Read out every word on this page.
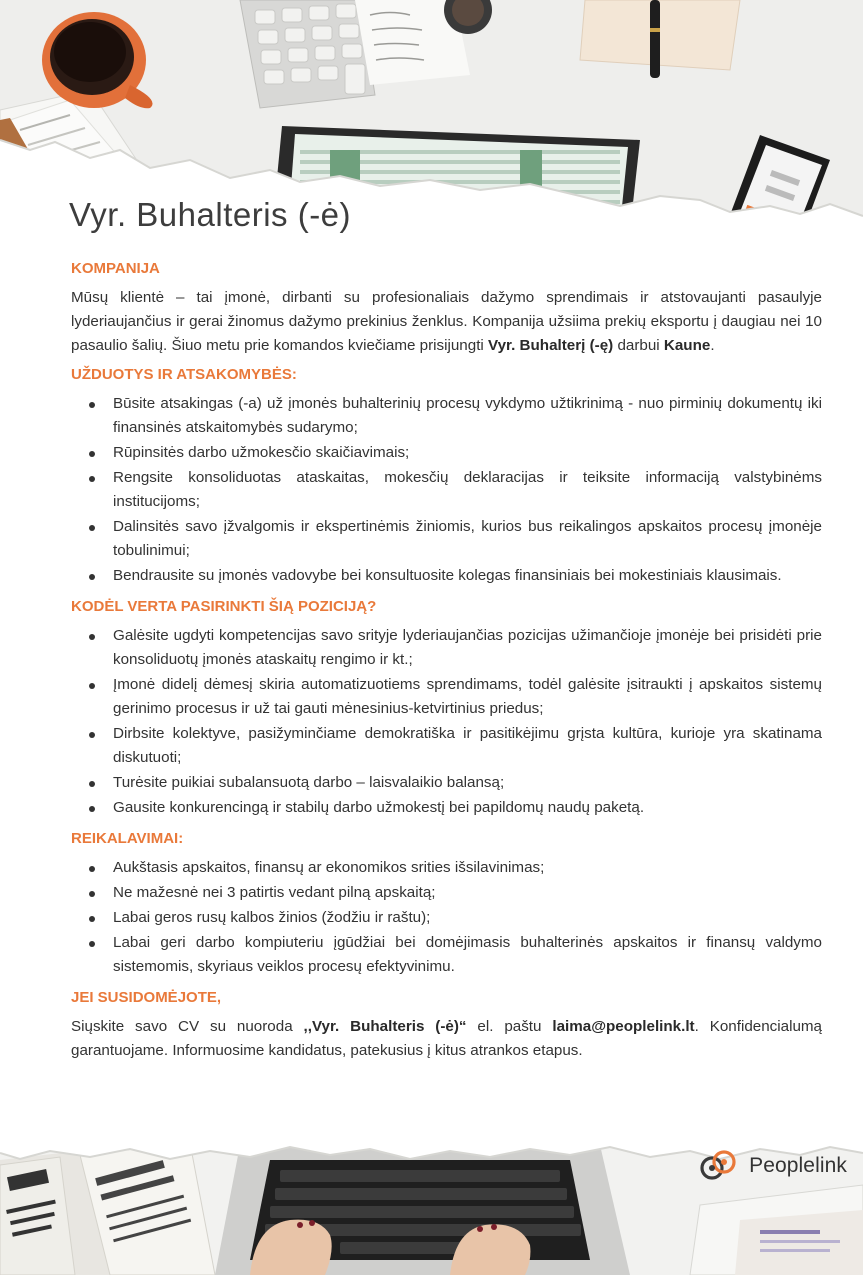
Vyr. Buhalteris (-ė)
KOMPANIJA

Mūsų klientė – tai įmonė, dirbanti su profesionaliais dažymo sprendimais ir atstovaujanti pasaulyje lyderiaujančius ir gerai žinomus dažymo prekinius ženklus. Kompanija užsiima prekių eksportu į daugiau nei 10 pasaulio šalių. Šiuo metu prie komandos kviečiame prisijungti Vyr. Buhalterį (-ę) darbui Kaune.

UŽDUOTYS IR ATSAKOMYBĖS:
Būsite atsakingas (-a) už įmonės buhalterinių procesų vykdymo užtikrinimą - nuo pirminių dokumentų iki finansinės atskaitomybės sudarymo;
Rūpinsitės darbo užmokesčio skaičiavimais;
Rengsite konsoliduotas ataskaitas, mokesčių deklaracijas ir teiksite informaciją valstybinėms institucijoms;
Dalinsitės savo įžvalgomis ir ekspertinėmis žiniomis, kurios bus reikalingos apskaitos procesų įmonėje tobulinimui;
Bendrausite su įmonės vadovybe bei konsultuosite kolegas finansiniais bei mokestiniais klausimais.
KODĖL VERTA PASIRINKTI ŠIĄ POZICIJĄ?
Galėsite ugdyti kompetencijas savo srityje lyderiaujančias pozicijas užimančioje įmonėje bei prisidėti prie konsoliduotų įmonės ataskaitų rengimo ir kt.;
Įmonė didelį dėmesį skiria automatizuotiems sprendimams, todėl galėsite įsitraukti į apskaitos sistemų gerinimo procesus ir už tai gauti mėnesinius-ketvirtinius priedus;
Dirbsite kolektyve, pasižyminčiame demokratiška ir pasitikėjimu grįsta kultūra, kurioje yra skatinama diskutuoti;
Turėsite puikiai subalansuotą darbo – laisvalaikio balansą;
Gausite konkurencingą ir stabilų darbo užmokestį bei papildomų naudų paketą.
REIKALAVIMAI:
Aukštasis apskaitos, finansų ar ekonomikos srities išsilavinimas;
Ne mažesnė nei 3 patirtis vedant pilną apskaitą;
Labai geros rusų kalbos žinios (žodžiu ir raštu);
Labai geri darbo kompiuteriu įgūdžiai bei domėjimasis buhalterinės apskaitos ir finansų valdymo sistemomis, skyriaus veiklos procesų efektyvinimu.
JEI SUSIDOMĖJOTE,

Siųskite savo CV su nuoroda ,,Vyr. Buhalteris (-ė)“ el. paštu laima@peoplelink.lt. Konfidencialumą garantuojame. Informuosime kandidatus, patekusius į kitus atrankos etapus.

Peoplelink
